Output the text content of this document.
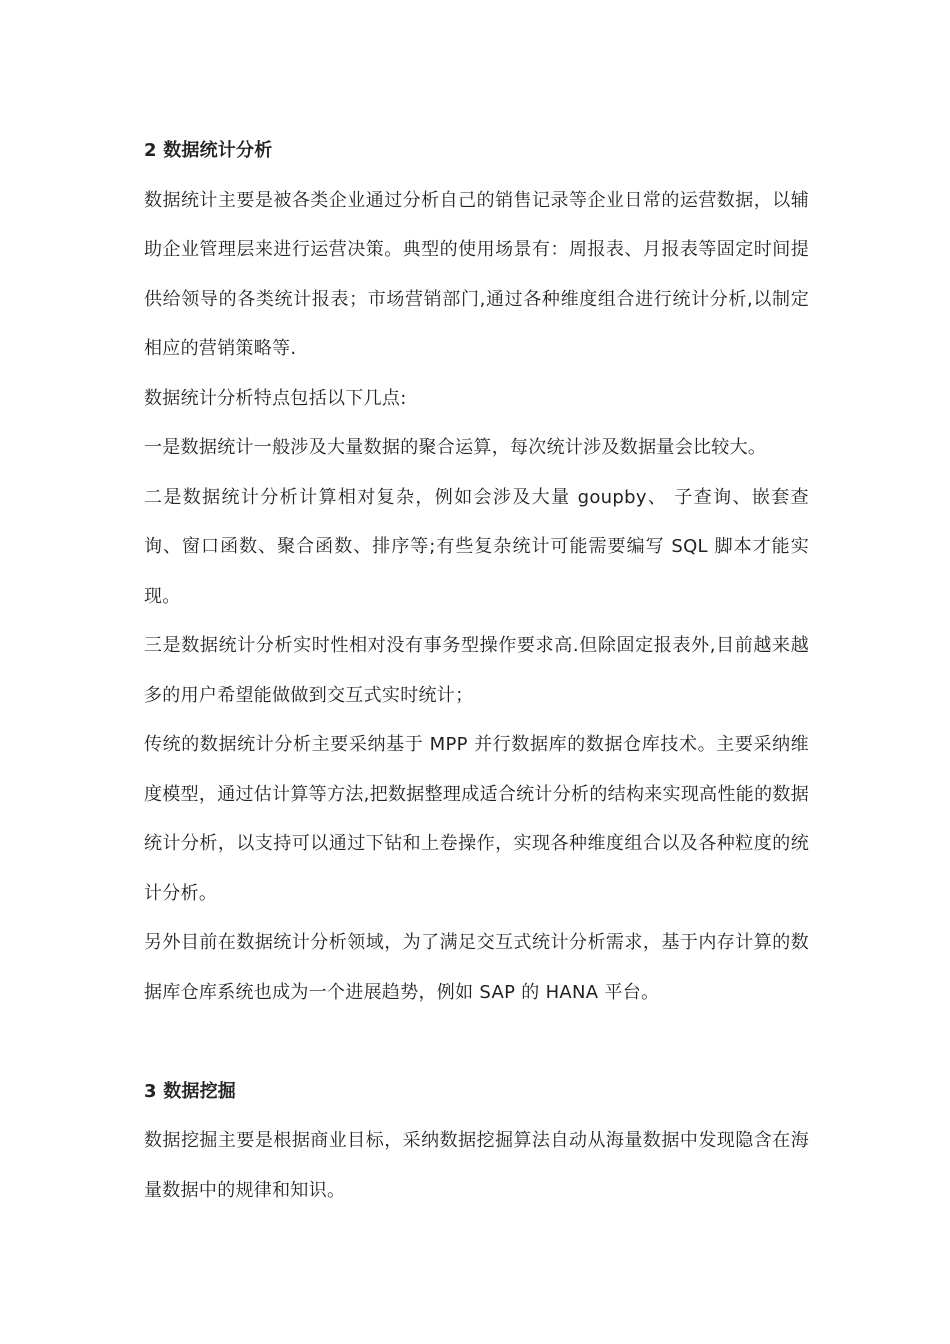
2 数据统计分析

数据统计主要是被各类企业通过分析自己的销售记录等企业日常的运营数据，以辅助企业管理层来进行运营决策。典型的使用场景有：周报表、月报表等固定时间提供给领导的各类统计报表；市场营销部门,通过各种维度组合进行统计分析,以制定相应的营销策略等.

数据统计分析特点包括以下几点:

一是数据统计一般涉及大量数据的聚合运算，每次统计涉及数据量会比较大。

二是数据统计分析计算相对复杂，例如会涉及大量 goupby、 子查询、嵌套查询、窗口函数、聚合函数、排序等;有些复杂统计可能需要编写 SQL 脚本才能实现。

三是数据统计分析实时性相对没有事务型操作要求高.但除固定报表外,目前越来越多的用户希望能做做到交互式实时统计；

传统的数据统计分析主要采纳基于 MPP 并行数据库的数据仓库技术。主要采纳维度模型，通过估计算等方法,把数据整理成适合统计分析的结构来实现高性能的数据统计分析，以支持可以通过下钻和上卷操作，实现各种维度组合以及各种粒度的统计分析。

另外目前在数据统计分析领域，为了满足交互式统计分析需求，基于内存计算的数据库仓库系统也成为一个进展趋势，例如 SAP 的 HANA 平台。

3 数据挖掘

数据挖掘主要是根据商业目标，采纳数据挖掘算法自动从海量数据中发现隐含在海量数据中的规律和知识。
